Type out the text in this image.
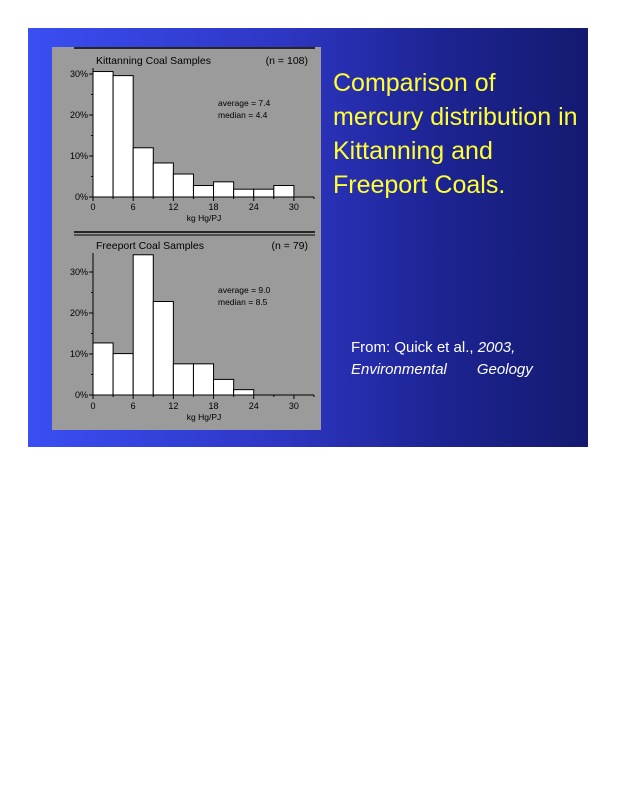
Kittanning Coal Samples	(n = 108)
0%
10%
20%
30%
0	6	12	18	24	30
kg Hg/PJ
average = 7.4
median = 4.4
Freeport Coal Samples	(n = 79)
0%
10%
20%
30%
0	6	12	18	24	30
kg Hg/PJ
average = 9.0
median = 8.5
Comparison of mercury distribution in Kittanning and Freeport Coals.
From: Quick et al., 2003,
Environmental Geology
